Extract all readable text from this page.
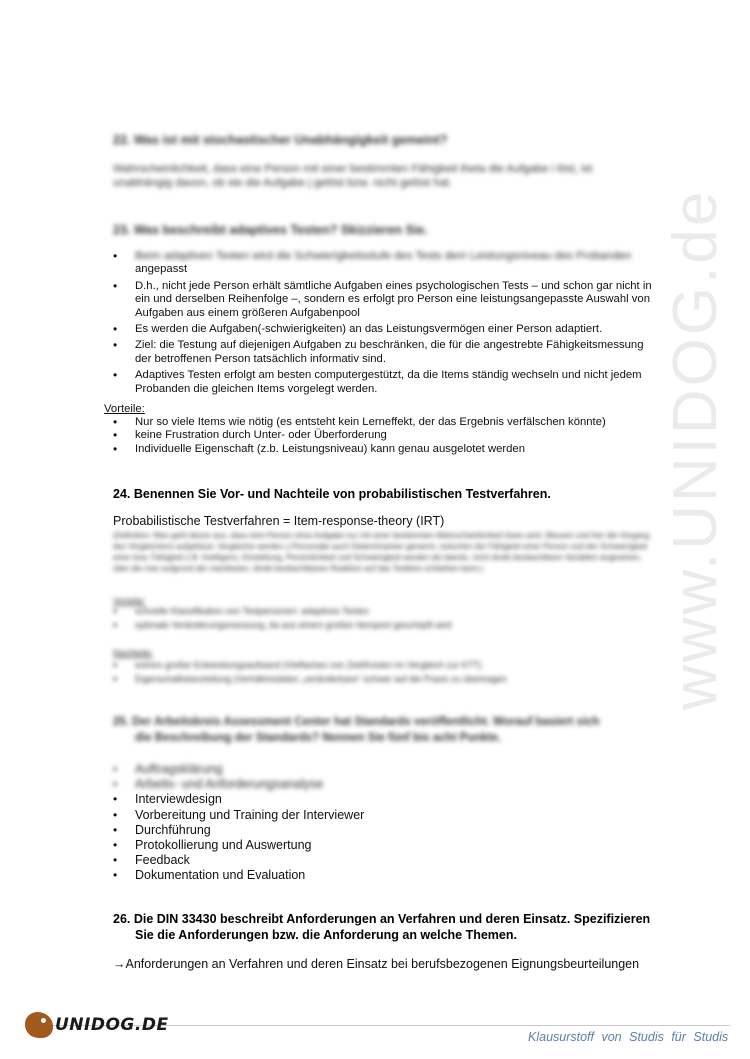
www.UNIDOG.de
22. Was ist mit stochastischer Unabhängigkeit gemeint?
Wahrscheinlichkeit, dass eine Person mit einer bestimmten Fähigkeit theta die Aufgabe i löst, ist unabhängig davon, ob sie die Aufgabe j gelöst bzw. nicht gelöst hat.
23. Was beschreibt adaptives Testen? Skizzieren Sie.
• Beim adaptiven Testen wird die Schwierigkeitsstufe des Tests dem Leistungsniveau des Probanden
angepasst
• D.h., nicht jede Person erhält sämtliche Aufgaben eines psychologischen Tests – und schon gar nicht in ein und derselben Reihenfolge –, sondern es erfolgt pro Person eine leistungsangepasste Auswahl von Aufgaben aus einem größeren Aufgabenpool
• Es werden die Aufgaben(-schwierigkeiten) an das Leistungsvermögen einer Person adaptiert.
• Ziel: die Testung auf diejenigen Aufgaben zu beschränken, die für die angestrebte Fähigkeitsmessung der betroffenen Person tatsächlich informativ sind.
• Adaptives Testen erfolgt am besten computergestützt, da die Items ständig wechseln und nicht jedem Probanden die gleichen Items vorgelegt werden.
Vorteile:
• Nur so viele Items wie nötig (es entsteht kein Lerneffekt, der das Ergebnis verfälschen könnte)
• keine Frustration durch Unter- oder Überforderung
• Individuelle Eigenschaft (z.b. Leistungsniveau) kann genau ausgelotet werden
24. Benennen Sie Vor- und Nachteile von probabilistischen Testverfahren.
Probabilistische Testverfahren = Item-response-theory (IRT)
(Definition: Man geht davon aus, dass eine Person ohne Aufgabe nur mit einer bestimmten Wahrscheinlichkeit lösen wird. Messen und hier die Vorgang des Vergleichens aufgefasst. Vergleiche werden z.Personalie auch Determinanten genannt, zwischen der Fähigkeit einer Person und der Schwierigkeit einer bzw. Fähigkeit z.B. Intelligenz, Einstellung, Persönlichkeit und Schwierigkeit werden als latente, nicht direkt beobachtbare Variablen angesehen, über die man aufgrund der manifesten, direkt beobachtbaren Reaktion auf das Testitem schließen kann.)
Vorteile:
• schnelle Klassifikation von Testpersonen: adaptives Testen
• optimale Veränderungsmessung, da aus einem großen Itempool geschöpft wird
Nachteile:
• extrem großer Entwicklungsaufwand (Vielfaches von Zeit/Kosten im Vergleich zur KTT)
• Eigenschaftsbeurteilung (Verhältnisdaten „veränderbare“ schwer auf die Praxis zu übertragen
25. Der Arbeitskreis Assessment Center hat Standards veröffentlicht. Worauf basiert sich
die Beschreibung der Standards? Nennen Sie fünf bis acht Punkte.
• Auftragsklärung
• Arbeits- und Anforderungsanalyse
• Interviewdesign
• Vorbereitung und Training der Interviewer
• Durchführung
• Protokollierung und Auswertung
• Feedback
• Dokumentation und Evaluation
26. Die DIN 33430 beschreibt Anforderungen an Verfahren und deren Einsatz. Spezifizieren
Sie die Anforderungen bzw. die Anforderung an welche Themen.
→Anforderungen an Verfahren und deren Einsatz bei berufsbezogenen Eignungsbeurteilungen
UNIDOG.DE
Klausurstoff von Studis für Studis
